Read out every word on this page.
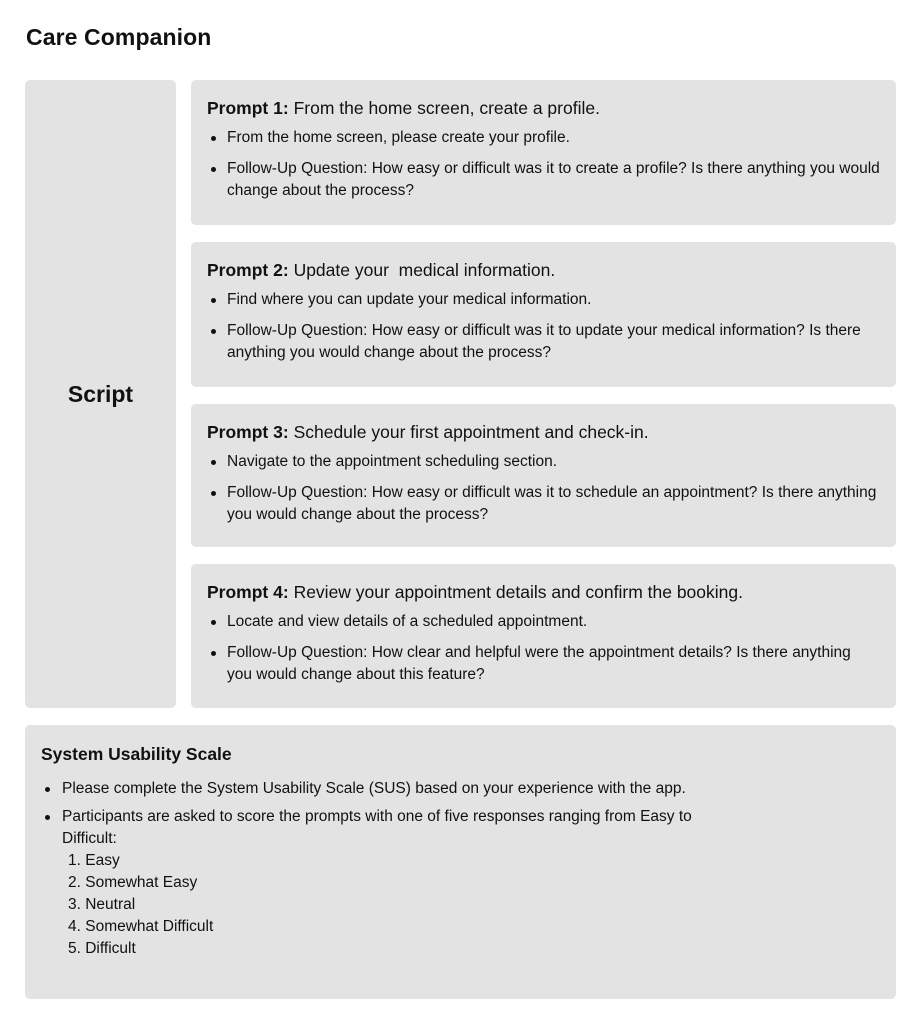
Care Companion
Script
Prompt 1: From the home screen, create a profile.
From the home screen, please create your profile.
Follow-Up Question: How easy or difficult was it to create a profile? Is there anything you would change about the process?
Prompt 2: Update your  medical information.
Find where you can update your medical information.
Follow-Up Question: How easy or difficult was it to update your medical information? Is there anything you would change about the process?
Prompt 3: Schedule your first appointment and check-in.
Navigate to the appointment scheduling section.
Follow-Up Question: How easy or difficult was it to schedule an appointment? Is there anything you would change about the process?
Prompt 4: Review your appointment details and confirm the booking.
Locate and view details of a scheduled appointment.
Follow-Up Question: How clear and helpful were the appointment details? Is there anything you would change about this feature?
System Usability Scale
Please complete the System Usability Scale (SUS) based on your experience with the app.
Participants are asked to score the prompts with one of five responses ranging from Easy to Difficult:
1. Easy
2. Somewhat Easy
3. Neutral
4. Somewhat Difficult
5. Difficult
